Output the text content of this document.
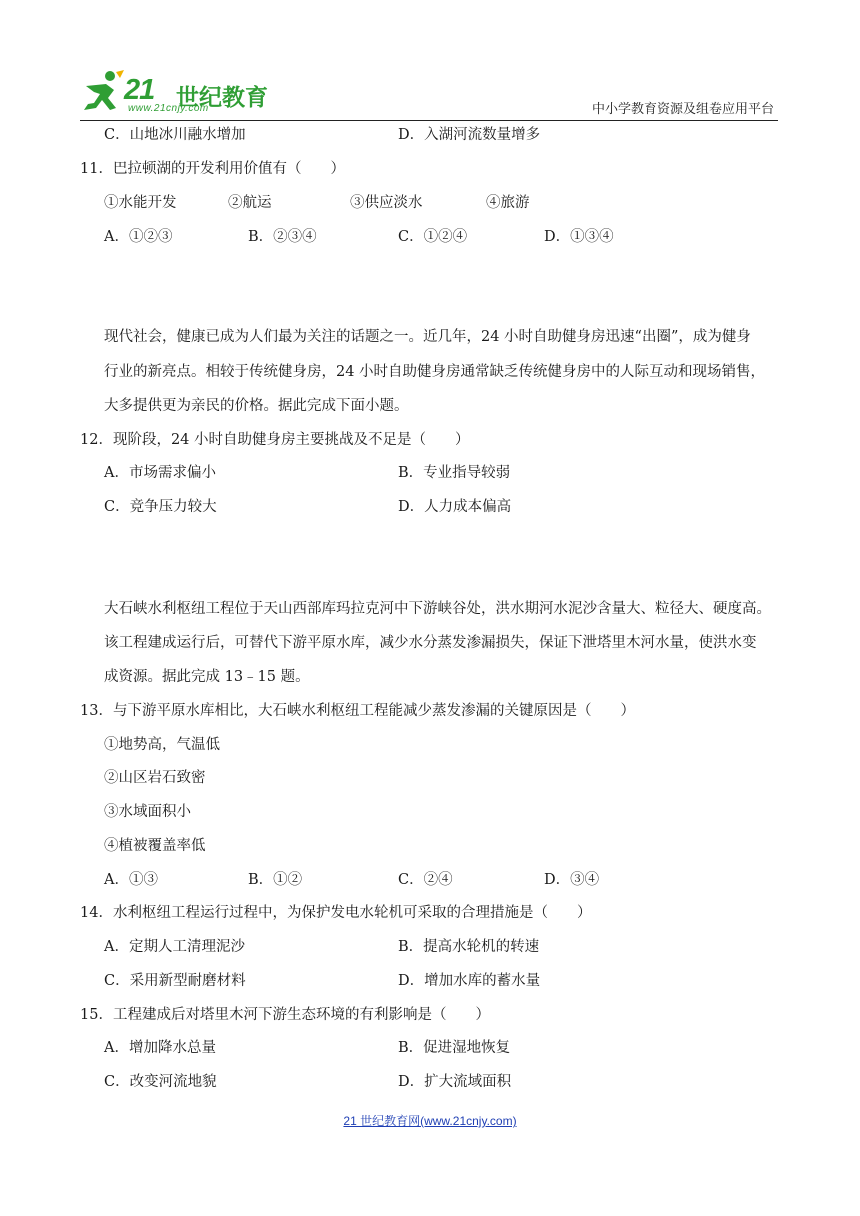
21 世纪教育
www.21cnjy.com	中小学教育资源及组卷应用平台
C．山地冰川融水增加	D．入湖河流数量增多
11．巴拉顿湖的开发利用价值有（　　）
①水能开发	②航运	③供应淡水	④旅游
A．①②③	B．②③④	C．①②④	D．①③④
现代社会，健康已成为人们最为关注的话题之一。近几年，24 小时自助健身房迅速“出圈”，成为健身
行业的新亮点。相较于传统健身房，24 小时自助健身房通常缺乏传统健身房中的人际互动和现场销售，
大多提供更为亲民的价格。据此完成下面小题。
12．现阶段，24 小时自助健身房主要挑战及不足是（　　）
A．市场需求偏小	B．专业指导较弱
C．竞争压力较大	D．人力成本偏高
大石峡水利枢纽工程位于天山西部库玛拉克河中下游峡谷处，洪水期河水泥沙含量大、粒径大、硬度高。
该工程建成运行后，可替代下游平原水库，减少水分蒸发渗漏损失，保证下泄塔里木河水量，使洪水变
成资源。据此完成 13﹣15 题。
13．与下游平原水库相比，大石峡水利枢纽工程能减少蒸发渗漏的关键原因是（　　）
①地势高，气温低
②山区岩石致密
③水域面积小
④植被覆盖率低
A．①③	B．①②	C．②④	D．③④
14．水利枢纽工程运行过程中，为保护发电水轮机可采取的合理措施是（　　）
A．定期人工清理泥沙	B．提高水轮机的转速
C．采用新型耐磨材料	D．增加水库的蓄水量
15．工程建成后对塔里木河下游生态环境的有利影响是（　　）
A．增加降水总量	B．促进湿地恢复
C．改变河流地貌	D．扩大流域面积
21 世纪教育网(www.21cnjy.com)
